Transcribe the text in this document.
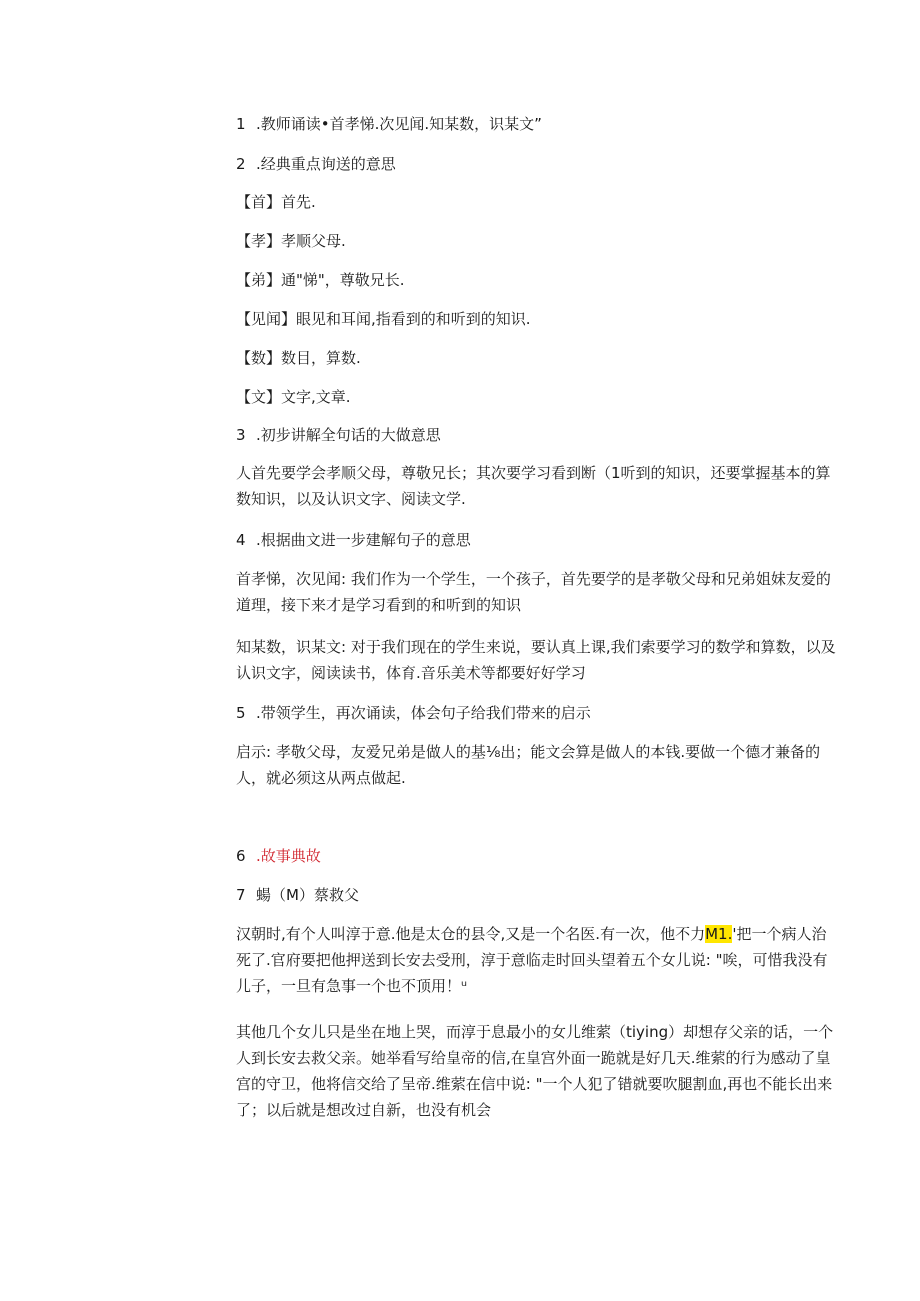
1 .教师诵读•首孝悌.次见闻.知某数，识某文”

2 .经典重点询送的意思

【首】首先.

【孝】孝顺父母.

【弟】通"悌"，尊敬兄长.

【见闻】眼见和耳闻,指看到的和听到的知识.

【数】数目，算数.

【文】文字,文章.

3 .初步讲解全句话的大做意思

人首先要学会孝顺父母，尊敬兄长；其次要学习看到断（1听到的知识，还要掌握基本的算数知识，以及认识文字、阅读文学.

4 .根据曲文进一步建解句子的意思

首孝悌，次见闻: 我们作为一个学生，一个孩子，首先要学的是孝敬父母和兄弟姐妹友爱的道理，接下来才是学习看到的和听到的知识

知某数，识某文: 对于我们现在的学生来说，要认真上课,我们索要学习的数学和算数，以及认识文字，阅读读书，体育.音乐美术等都要好好学习

5 .带领学生，再次诵读，体会句子给我们带来的启示

启示: 孝敬父母，友爱兄弟是做人的基⅛出；能文会算是做人的本钱.要做一个德才兼备的人，就必须这从两点做起.

6 .故事典故

7 蝪（M）蔡救父

汉朝时,有个人叫淳于意.他是太仓的县令,又是一个名医.有一次，他不力M1.'把一个病人治死了.官府要把他押送到长安去受刑，淳于意临走时回头望着五个女儿说: "唉，可惜我没有儿子，一旦有急事一个也不顶用！ᵘ

其他几个女儿只是坐在地上哭，而淳于息最小的女儿维萦（tiying）却想存父亲的话，一个人到长安去救父亲。她举看写给皇帝的信,在皇宫外面一跪就是好几天.维萦的行为感动了皇宫的守卫，他将信交给了呈帝.维萦在信中说: "一个人犯了错就要吹腿割血,再也不能长出来了；以后就是想改过自新，也没有机会
